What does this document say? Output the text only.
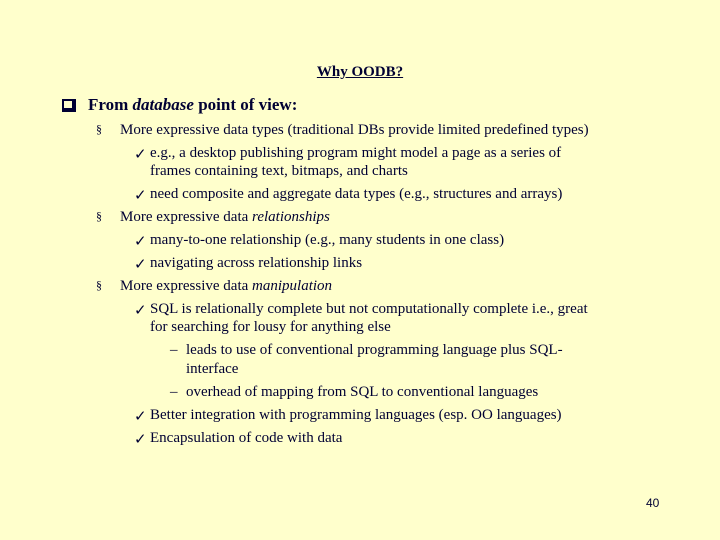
Why OODB?
From database point of view:
§ More expressive data types (traditional DBs provide limited predefined types)
✓ e.g., a desktop publishing program might model a page as a series of
frames containing text, bitmaps, and charts
✓ need composite and aggregate data types (e.g., structures and arrays)
§ More expressive data relationships
✓ many-to-one relationship (e.g., many students in one class)
✓ navigating across relationship links
§ More expressive data manipulation
✓ SQL is relationally complete but not computationally complete i.e., great
for searching for lousy for anything else
– leads to use of conventional programming language plus SQL-
interface
– overhead of mapping from SQL to conventional languages
✓ Better integration with programming languages (esp. OO languages)
✓ Encapsulation of code with data
40
